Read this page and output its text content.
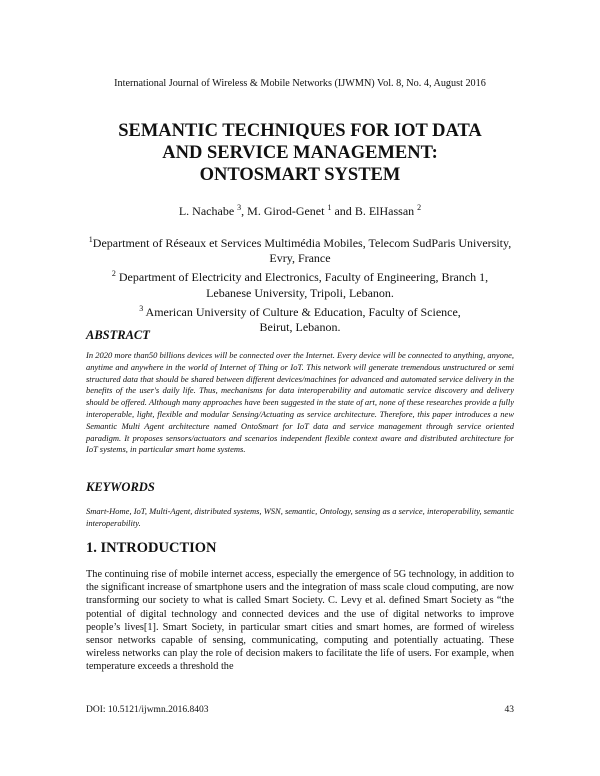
International Journal of Wireless & Mobile Networks (IJWMN) Vol. 8, No. 4, August 2016
SEMANTIC TECHNIQUES FOR IOT DATA
AND SERVICE MANAGEMENT:
ONTOSMART SYSTEM
L. Nachabe $^3$, M. Girod-Genet $^1$ and B. ElHassan $^2$
$^1$Department of Réseaux et Services Multimédia Mobiles, Telecom SudParis University,
Evry, France
$^2$ Department of Electricity and Electronics, Faculty of Engineering, Branch 1,
Lebanese University, Tripoli, Lebanon.
$^3$ American University of Culture & Education, Faculty of Science,
Beirut, Lebanon.
ABSTRACT
In 2020 more than50 billions devices will be connected over the Internet. Every device will be connected to anything, anyone, anytime and anywhere in the world of Internet of Thing or IoT. This network will generate tremendous unstructured or semi structured data that should be shared between different devices/machines for advanced and automated service delivery in the benefits of the user's daily life. Thus, mechanisms for data interoperability and automatic service discovery and delivery should be offered. Although many approaches have been suggested in the state of art, none of these researches provide a fully interoperable, light, flexible and modular Sensing/Actuating as service architecture. Therefore, this paper introduces a new Semantic Multi Agent architecture named OntoSmart for IoT data and service management through service oriented paradigm. It proposes sensors/actuators and scenarios independent flexible context aware and distributed architecture for IoT systems, in particular smart home systems.
KEYWORDS
Smart-Home, IoT, Multi-Agent, distributed systems, WSN, semantic, Ontology, sensing as a service, interoperability, semantic interoperability.
1. INTRODUCTION
The continuing rise of mobile internet access, especially the emergence of 5G technology, in addition to the significant increase of smartphone users and the integration of mass scale cloud computing, are now transforming our society to what is called Smart Society. C. Levy et al. defined Smart Society as “the potential of digital technology and connected devices and the use of digital networks to improve people’s lives[1]. Smart Society, in particular smart cities and smart homes, are formed of wireless sensor networks capable of sensing, communicating, computing and potentially actuating. These wireless networks can play the role of decision makers to facilitate the life of users. For example, when temperature exceeds a threshold the
DOI: 10.5121/ijwmn.2016.8403	43
